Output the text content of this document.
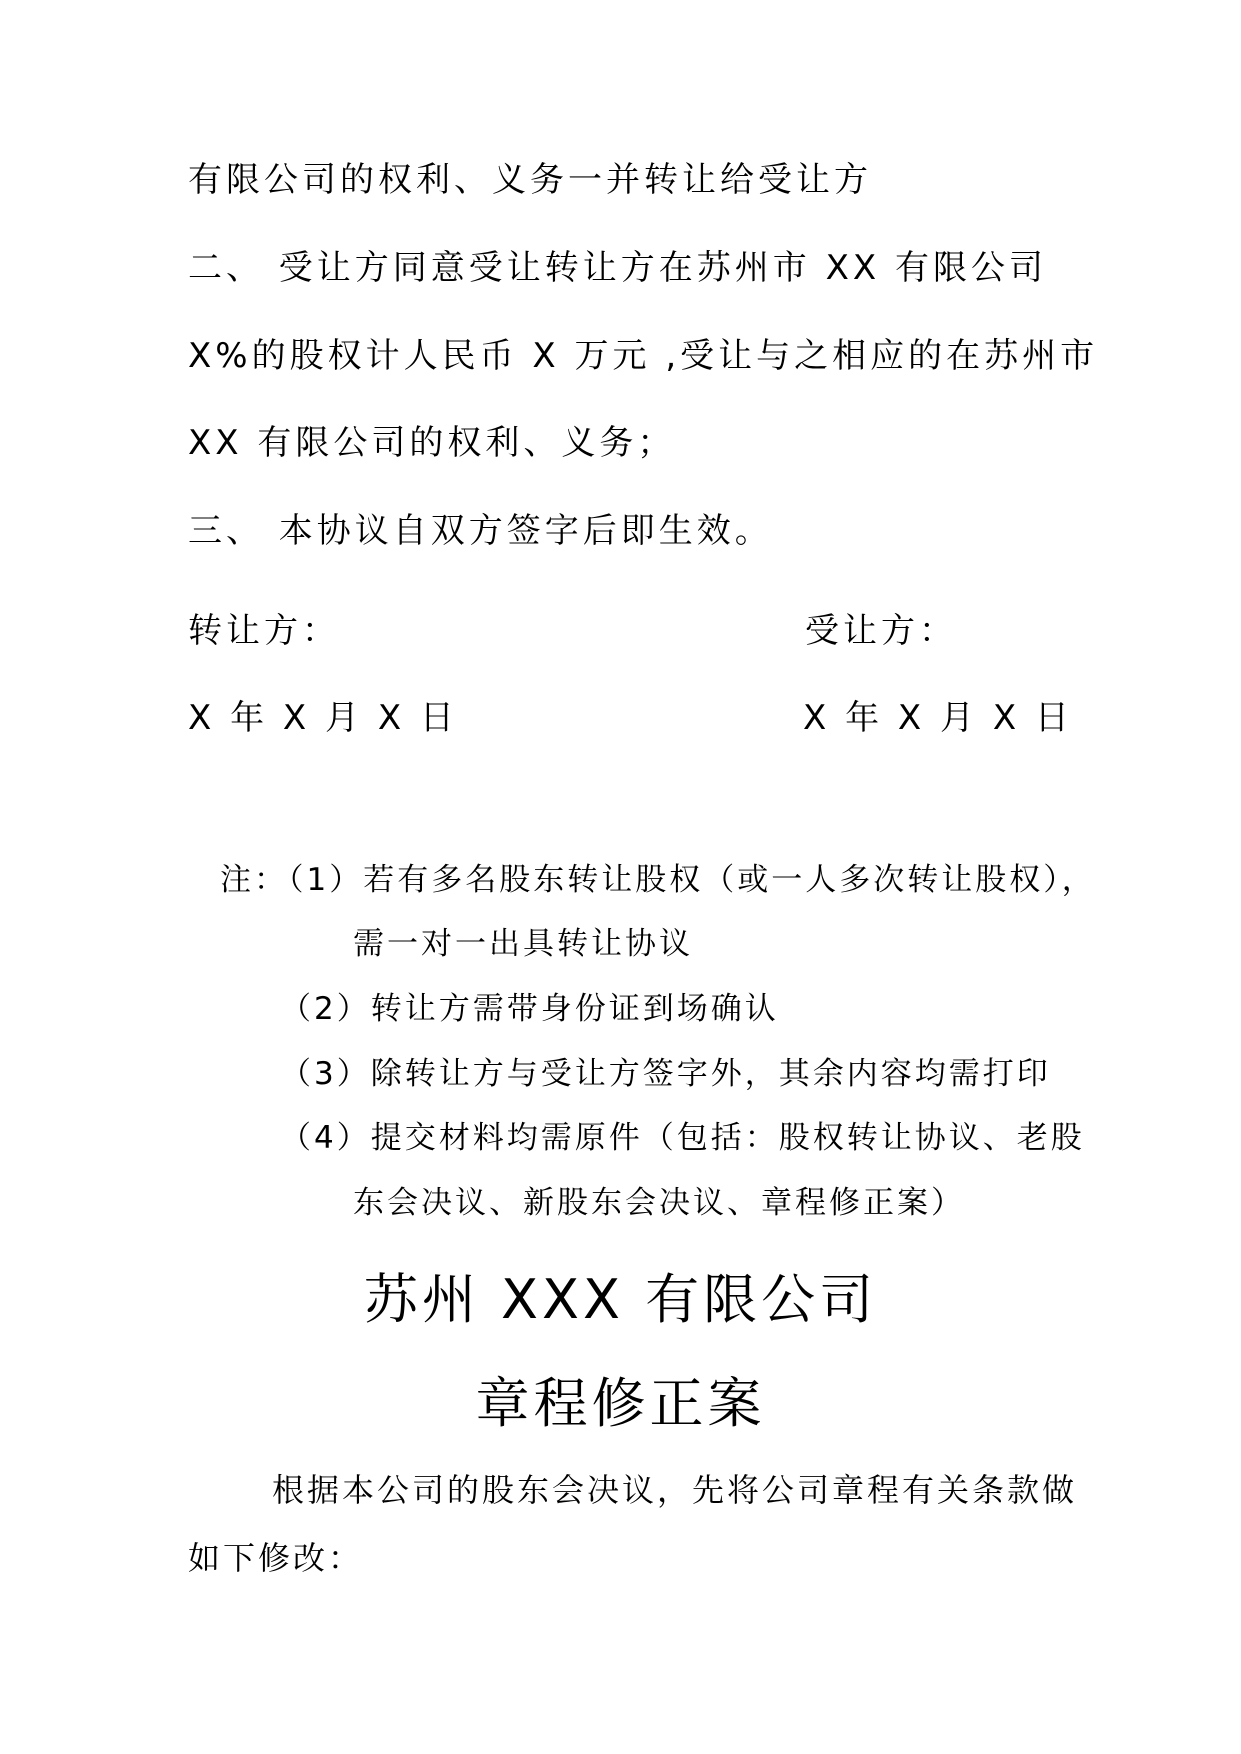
有限公司的权利、义务一并转让给受让方
二、 受让方同意受让转让方在苏州市 XX 有限公司
X%的股权计人民币 X 万元 ,受让与之相应的在苏州市
XX 有限公司的权利、义务；
三、 本协议自双方签字后即生效。
转让方：	受让方：
X 年 X 月 X 日	X 年 X 月 X 日
注：（1）若有多名股东转让股权（或一人多次转让股权），
需一对一出具转让协议
（2）转让方需带身份证到场确认
（3）除转让方与受让方签字外，其余内容均需打印
（4）提交材料均需原件（包括：股权转让协议、老股
东会决议、新股东会决议、章程修正案）
苏州 XXX 有限公司
章程修正案
根据本公司的股东会决议，先将公司章程有关条款做
如下修改：
